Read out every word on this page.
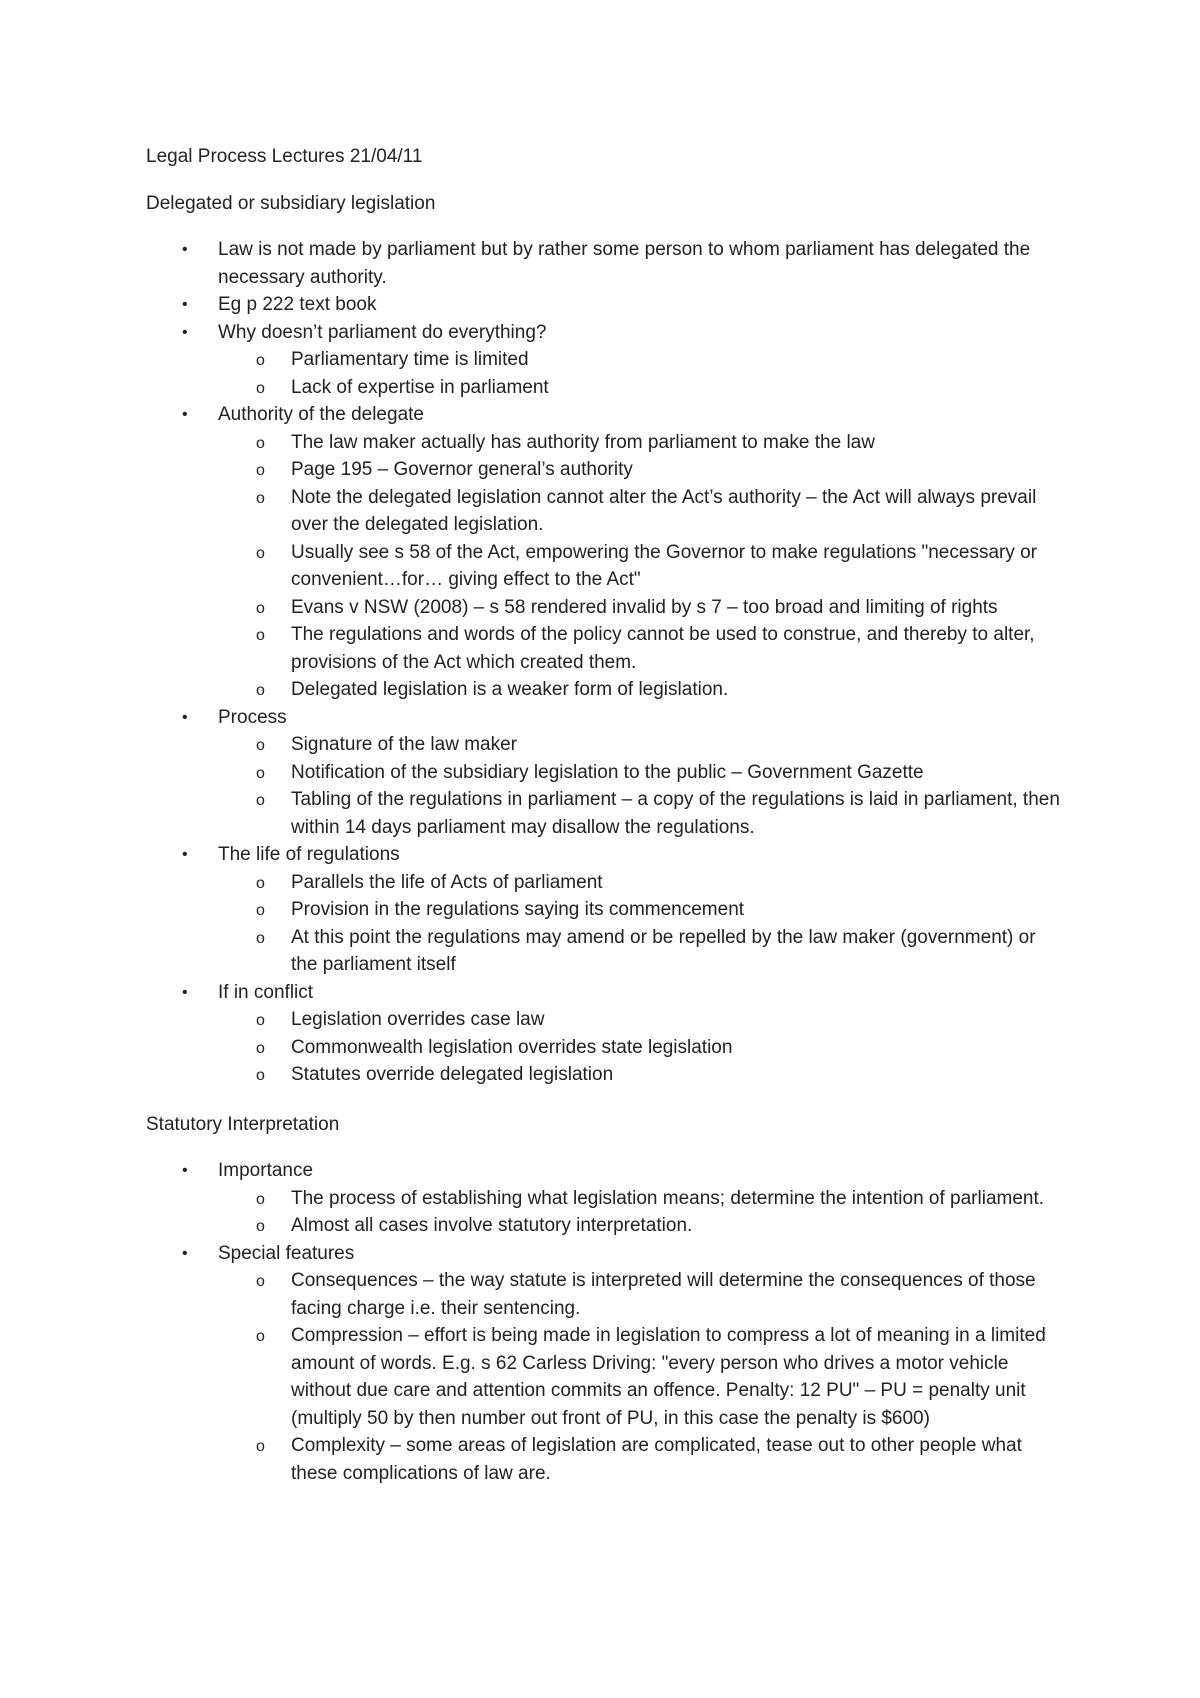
Legal Process Lectures 21/04/11
Delegated or subsidiary legislation
• Law is not made by parliament but by rather some person to whom parliament has delegated the necessary authority.
• Eg p 222 text book
• Why doesn’t parliament do everything?
o Parliamentary time is limited
o Lack of expertise in parliament
• Authority of the delegate
o The law maker actually has authority from parliament to make the law
o Page 195 – Governor general’s authority
o Note the delegated legislation cannot alter the Act’s authority – the Act will always prevail over the delegated legislation.
o Usually see s 58 of the Act, empowering the Governor to make regulations "necessary or convenient…for… giving effect to the Act"
o Evans v NSW (2008) – s 58 rendered invalid by s 7 – too broad and limiting of rights
o The regulations and words of the policy cannot be used to construe, and thereby to alter, provisions of the Act which created them.
o Delegated legislation is a weaker form of legislation.
• Process
o Signature of the law maker
o Notification of the subsidiary legislation to the public – Government Gazette
o Tabling of the regulations in parliament – a copy of the regulations is laid in parliament, then within 14 days parliament may disallow the regulations.
• The life of regulations
o Parallels the life of Acts of parliament
o Provision in the regulations saying its commencement
o At this point the regulations may amend or be repelled by the law maker (government) or the parliament itself
• If in conflict
o Legislation overrides case law
o Commonwealth legislation overrides state legislation
o Statutes override delegated legislation
Statutory Interpretation
• Importance
o The process of establishing what legislation means; determine the intention of parliament.
o Almost all cases involve statutory interpretation.
• Special features
o Consequences – the way statute is interpreted will determine the consequences of those facing charge i.e. their sentencing.
o Compression – effort is being made in legislation to compress a lot of meaning in a limited amount of words. E.g. s 62 Carless Driving: "every person who drives a motor vehicle without due care and attention commits an offence. Penalty: 12 PU" – PU = penalty unit (multiply 50 by then number out front of PU, in this case the penalty is $600)
o Complexity – some areas of legislation are complicated, tease out to other people what these complications of law are.
